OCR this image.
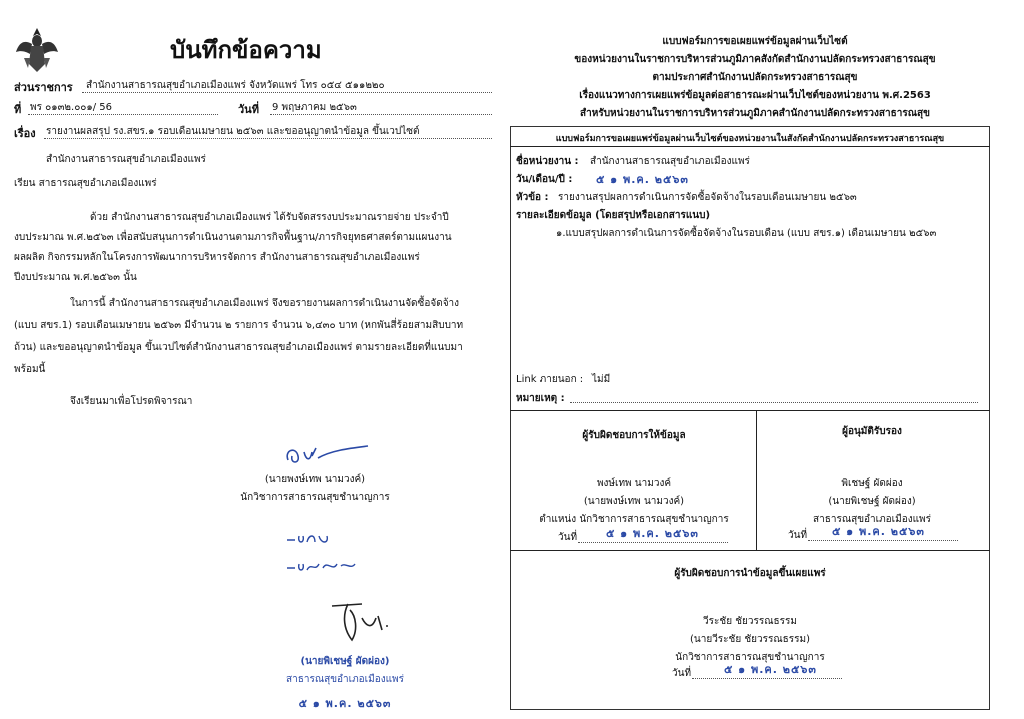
บันทึกข้อความ
ส่วนราชการ สำนักงานสาธารณสุขอำเภอเมืองแพร่ จังหวัดแพร่ โทร ๐๕๔ ๕๑๑๒๒๐
ที่ พร ๐๑๓๒.๐๐๑/ 56	วันที่ 9 พฤษภาคม ๒๕๖๓
เรื่อง รายงานผลสรุป รง.สขร.๑ รอบเดือนเมษายน ๒๕๖๓ และขออนุญาตนำข้อมูล ขึ้นเวปไซต์
สำนักงานสาธารณสุขอำเภอเมืองแพร่
เรียน สาธารณสุขอำเภอเมืองแพร่
ด้วย สำนักงานสาธารณสุขอำเภอเมืองแพร่ ได้รับจัดสรรงบประมาณรายจ่าย ประจำปี
งบประมาณ พ.ศ.๒๕๖๓ เพื่อสนับสนุนการดำเนินงานตามภารกิจพื้นฐาน/ภารกิจยุทธศาสตร์ตามแผนงาน
ผลผลิต กิจกรรมหลักในโครงการพัฒนาการบริหารจัดการ สำนักงานสาธารณสุขอำเภอเมืองแพร่
ปีงบประมาณ พ.ศ.๒๕๖๓ นั้น
ในการนี้ สำนักงานสาธารณสุขอำเภอเมืองแพร่ จึงขอรายงานผลการดำเนินงานจัดซื้อจัดจ้าง
(แบบ สขร.1) รอบเดือนเมษายน ๒๕๖๓ มีจำนวน ๒ รายการ จำนวน ๖,๔๓๐ บาท (หกพันสี่ร้อยสามสิบบาท
ถ้วน) และขออนุญาตนำข้อมูล ขึ้นเวปไซต์สำนักงานสาธารณสุขอำเภอเมืองแพร่ ตามรายละเอียดที่แนบมา
พร้อมนี้
จึงเรียนมาเพื่อโปรดพิจารณา
(นายพงษ์เทพ นามวงค์)
นักวิชาการสาธารณสุขชำนาญการ
(นายพิเชษฐ์ ผัดผ่อง)
สาธารณสุขอำเภอเมืองแพร่
๕ ๑ พ.ค. ๒๕๖๓
แบบฟอร์มการขอเผยแพร่ข้อมูลผ่านเว็บไซต์
ของหน่วยงานในราชการบริหารส่วนภูมิภาคสังกัดสำนักงานปลัดกระทรวงสาธารณสุข
ตามประกาศสำนักงานปลัดกระทรวงสาธารณสุข
เรื่องแนวทางการเผยแพร่ข้อมูลต่อสาธารณะผ่านเว็บไซต์ของหน่วยงาน พ.ศ.2563
สำหรับหน่วยงานในราชการบริหารส่วนภูมิภาคสำนักงานปลัดกระทรวงสาธารณสุข
แบบฟอร์มการขอเผยแพร่ข้อมูลผ่านเว็บไซต์ของหน่วยงานในสังกัดสำนักงานปลัดกระทรวงสาธารณสุข
ชื่อหน่วยงาน : สำนักงานสาธารณสุขอำเภอเมืองแพร่
วัน/เดือน/ปี : ๕ ๑ พ.ค. ๒๕๖๓
หัวข้อ : รายงานสรุปผลการดำเนินการจัดซื้อจัดจ้างในรอบเดือนเมษายน ๒๕๖๓
รายละเอียดข้อมูล (โดยสรุปหรือเอกสารแนบ)
๑.แบบสรุปผลการดำเนินการจัดซื้อจัดจ้างในรอบเดือน (แบบ สขร.๑) เดือนเมษายน ๒๕๖๓
Link ภายนอก : ไม่มี
หมายเหตุ :
ผู้รับผิดชอบการให้ข้อมูล
พงษ์เทพ นามวงค์
(นายพงษ์เทพ นามวงค์)
ตำแหน่ง นักวิชาการสาธารณสุขชำนาญการ
วันที่	๕ ๑ พ.ค. ๒๕๖๓
ผู้อนุมัติรับรอง
พิเชษฐ์ ผัดผ่อง
(นายพิเชษฐ์ ผัดผ่อง)
สาธารณสุขอำเภอเมืองแพร่
วันที่ ๕ ๑ พ.ค. ๒๕๖๓
ผู้รับผิดชอบการนำข้อมูลขึ้นเผยแพร่
วีระชัย ชัยวรรณธรรม
(นายวีระชัย ชัยวรรณธรรม)
นักวิชาการสาธารณสุขชำนาญการ
วันที่	๕ ๑ พ.ค. ๒๕๖๓
